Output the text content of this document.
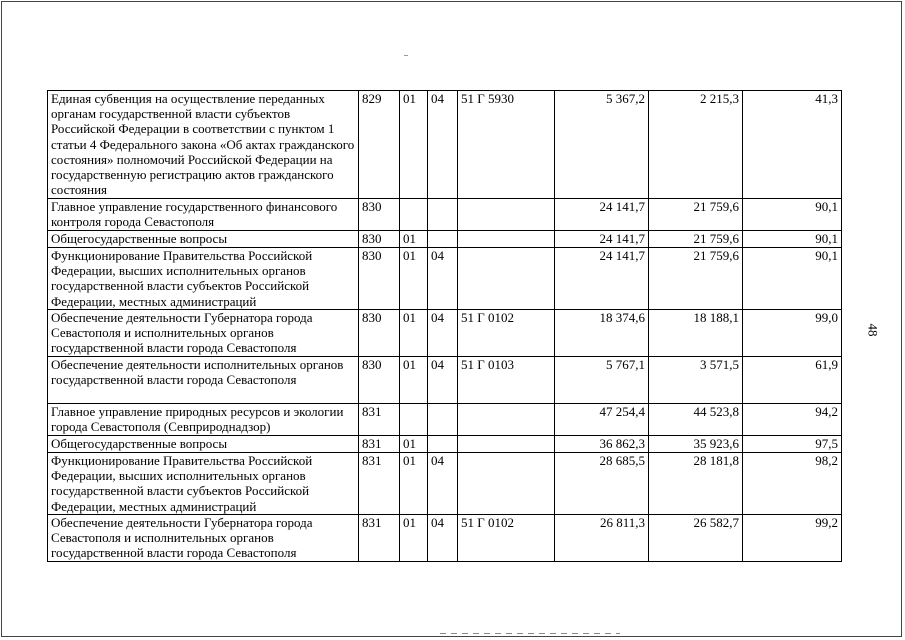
Единая субвенция на осуществление переданных органам государственной власти субъектов Российской Федерации в соответствии с пунктом 1 статьи 4 Федерального закона «Об актах гражданского состояния» полномочий Российской Федерации на государственную регистрацию актов гражданского состояния	829	01	04	51 Г 5930	5 367,2	2 215,3	41,3
Главное управление государственного финансового контроля города Севастополя	830				24 141,7	21 759,6	90,1
Общегосударственные вопросы	830	01			24 141,7	21 759,6	90,1
Функционирование Правительства Российской Федерации, высших исполнительных органов государственной власти субъектов Российской Федерации, местных администраций	830	01	04		24 141,7	21 759,6	90,1
Обеспечение деятельности Губернатора города Севастополя и исполнительных органов государственной власти города Севастополя	830	01	04	51 Г 0102	18 374,6	18 188,1	99,0
Обеспечение деятельности исполнительных органов государственной власти города Севастополя	830	01	04	51 Г 0103	5 767,1	3 571,5	61,9
Главное управление природных ресурсов и экологии города Севастополя (Севприроднадзор)	831				47 254,4	44 523,8	94,2
Общегосударственные вопросы	831	01			36 862,3	35 923,6	97,5
Функционирование Правительства Российской Федерации, высших исполнительных органов государственной власти субъектов Российской Федерации, местных администраций	831	01	04		28 685,5	28 181,8	98,2
Обеспечение деятельности Губернатора города Севастополя и исполнительных органов государственной власти города Севастополя	831	01	04	51 Г 0102	26 811,3	26 582,7	99,2
48
